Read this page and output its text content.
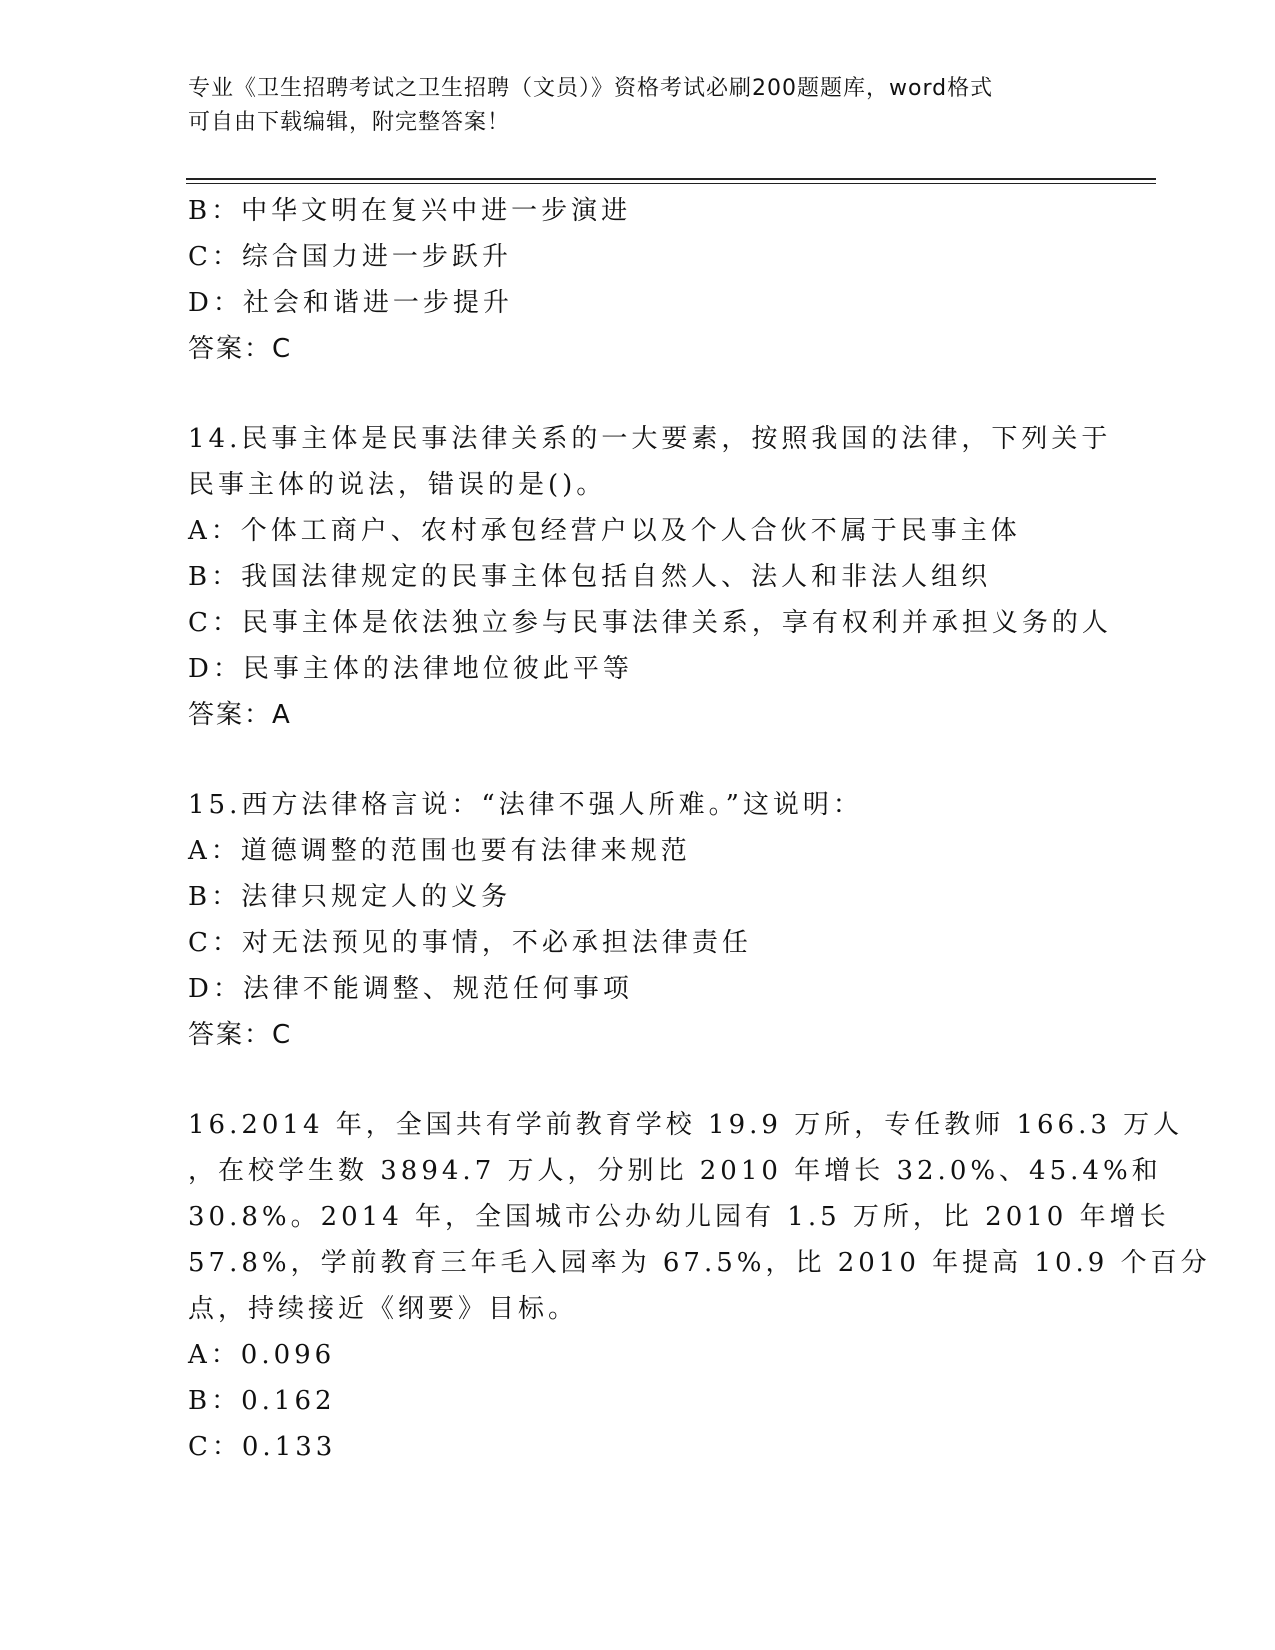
专业《卫生招聘考试之卫生招聘（文员）》资格考试必刷200题题库，word格式
可自由下载编辑，附完整答案！
B：中华文明在复兴中进一步演进
C：综合国力进一步跃升
D：社会和谐进一步提升
答案：C
14.民事主体是民事法律关系的一大要素，按照我国的法律，下列关于
民事主体的说法，错误的是()。
A：个体工商户、农村承包经营户以及个人合伙不属于民事主体
B：我国法律规定的民事主体包括自然人、法人和非法人组织
C：民事主体是依法独立参与民事法律关系，享有权利并承担义务的人
D：民事主体的法律地位彼此平等
答案：A
15.西方法律格言说：“法律不强人所难。”这说明：
A：道德调整的范围也要有法律来规范
B：法律只规定人的义务
C：对无法预见的事情，不必承担法律责任
D：法律不能调整、规范任何事项
答案：C
16.2014 年，全国共有学前教育学校 19.9 万所，专任教师 166.3 万人
，在校学生数 3894.7 万人，分别比 2010 年增长 32.0%、45.4%和
30.8%。2014 年，全国城市公办幼儿园有 1.5 万所，比 2010 年增长
57.8%，学前教育三年毛入园率为 67.5%，比 2010 年提高 10.9 个百分
点，持续接近《纲要》目标。
A：0.096
B：0.162
C：0.133
